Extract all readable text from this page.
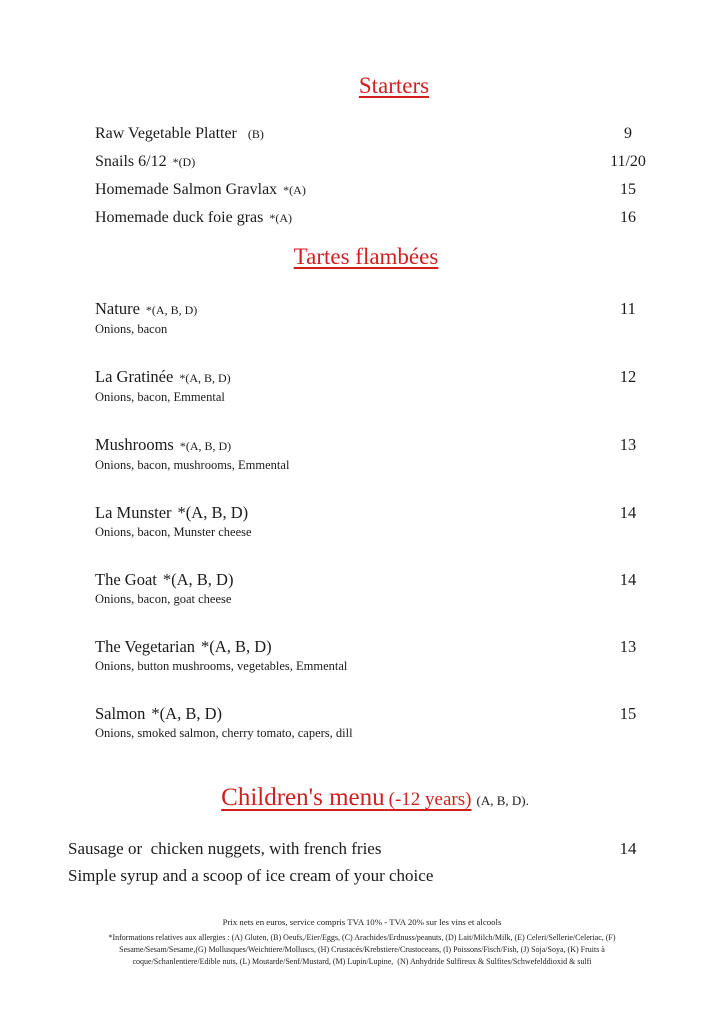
Starters
Raw Vegetable Platter (B)	9
Snails 6/12 *(D)	11/20
Homemade Salmon Gravlax *(A)	15
Homemade duck foie gras *(A)	16
Tartes flambées
Nature *(A, B, D)	11
Onions, bacon
La Gratinée *(A, B, D)	12
Onions, bacon, Emmental
Mushrooms *(A, B, D)	13
Onions, bacon, mushrooms, Emmental
La Munster *(A, B, D)	14
Onions, bacon, Munster cheese
The Goat *(A, B, D)	14
Onions, bacon, goat cheese
The Vegetarian *(A, B, D)	13
Onions, button mushrooms, vegetables, Emmental
Salmon *(A, B, D)	15
Onions, smoked salmon, cherry tomato, capers, dill
Children's menu (-12 years) (A, B, D).
Sausage or  chicken nuggets, with french fries	14
Simple syrup and a scoop of ice cream of your choice
Prix nets en euros, service compris TVA 10% - TVA 20% sur les vins et alcools
*Informations relatives aux allergies : (A) Gluten, (B) Oeufs,/Eier/Eggs, (C) Arachides/Erdnuss/peanuts, (D) Lait/Milch/Milk, (E) Celeri/Sellerie/Celeriac, (F)
Sesame/Sesam/Sesame,(G) Mollusques/Weichtiere/Molluscs, (H) Crustacés/Krebstiere/Crustoceans, (I) Poissons/Fisch/Fish, (J) Soja/Soya, (K) Fruits à
coque/Schanlentiere/Edible nuts, (L) Moutarde/Senf/Mustard, (M) Lupin/Lupine,  (N) Anhydride Sulfireux & Sulfites/Schwefelddioxid & sulfi
